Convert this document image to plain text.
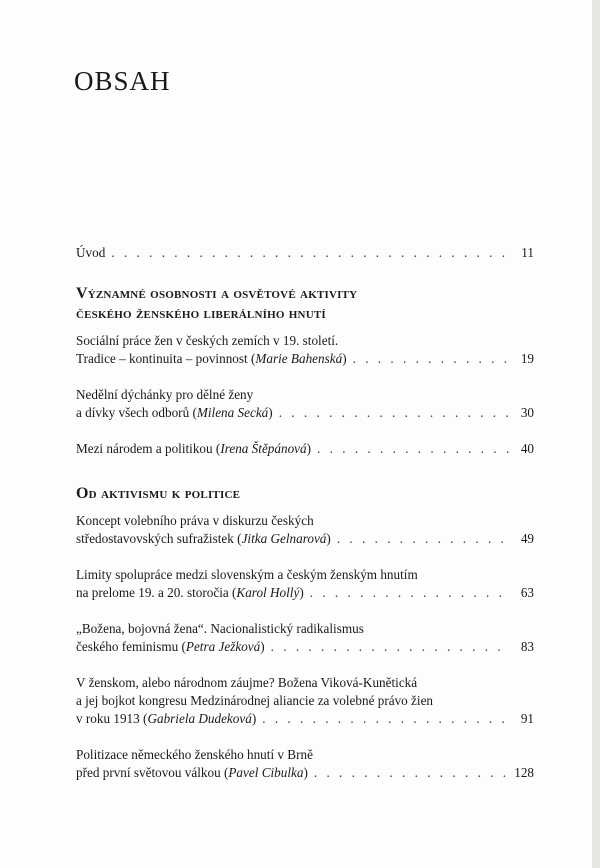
OBSAH
Úvod . . .	11
Významné osobnosti a osvětové aktivity
českého ženského liberálního hnutí
Sociální práce žen v českých zemích v 19. století.
Tradice – kontinuita – povinnost (Marie Bahenská) . . .	19
Nedělní dýchánky pro dělné ženy
a dívky všech odborů (Milena Secká) . . .	30
Mezi národem a politikou (Irena Štěpánová) . . .	40
Od aktivismu k politice
Koncept volebního práva v diskurzu českých
středostavovských sufražistek (Jitka Gelnarová) . . .	49
Limity spolupráce medzi slovenským a českým ženským hnutím
na prelome 19. a 20. storočia (Karol Hollý) . . .	63
„Božena, bojovná žena“. Nacionalistický radikalismus
českého feminismu (Petra Ježková) . . .	83
V ženskom, alebo národnom záujme? Božena Viková-Kunětická
a jej bojkot kongresu Medzinárodnej aliancie za volebné právo žien
v roku 1913 (Gabriela Dudeková) . . .	91
Politizace německého ženského hnutí v Brně
před první světovou válkou (Pavel Cibulka) . . .	128
